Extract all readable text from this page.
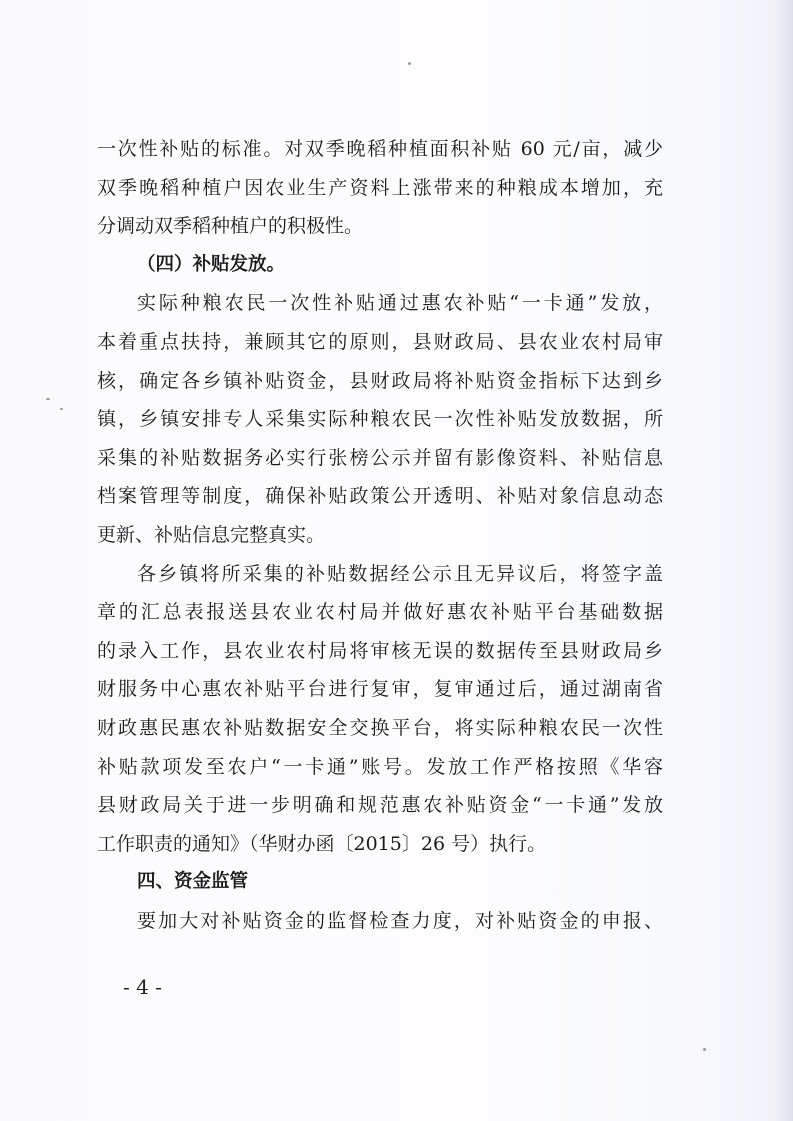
一次性补贴的标准。对双季晚稻种植面积补贴 60 元/亩，减少
双季晚稻种植户因农业生产资料上涨带来的种粮成本增加，充
分调动双季稻种植户的积极性。
（四）补贴发放。
实际种粮农民一次性补贴通过惠农补贴“一卡通”发放，
本着重点扶持，兼顾其它的原则，县财政局、县农业农村局审
核，确定各乡镇补贴资金，县财政局将补贴资金指标下达到乡
镇，乡镇安排专人采集实际种粮农民一次性补贴发放数据，所
采集的补贴数据务必实行张榜公示并留有影像资料、补贴信息
档案管理等制度，确保补贴政策公开透明、补贴对象信息动态
更新、补贴信息完整真实。
各乡镇将所采集的补贴数据经公示且无异议后，将签字盖
章的汇总表报送县农业农村局并做好惠农补贴平台基础数据
的录入工作，县农业农村局将审核无误的数据传至县财政局乡
财服务中心惠农补贴平台进行复审，复审通过后，通过湖南省
财政惠民惠农补贴数据安全交换平台，将实际种粮农民一次性
补贴款项发至农户“一卡通”账号。发放工作严格按照《华容
县财政局关于进一步明确和规范惠农补贴资金“一卡通”发放
工作职责的通知》（华财办函〔2015〕26 号）执行。
四、资金监管
要加大对补贴资金的监督检查力度，对补贴资金的申报、
- 4 -
